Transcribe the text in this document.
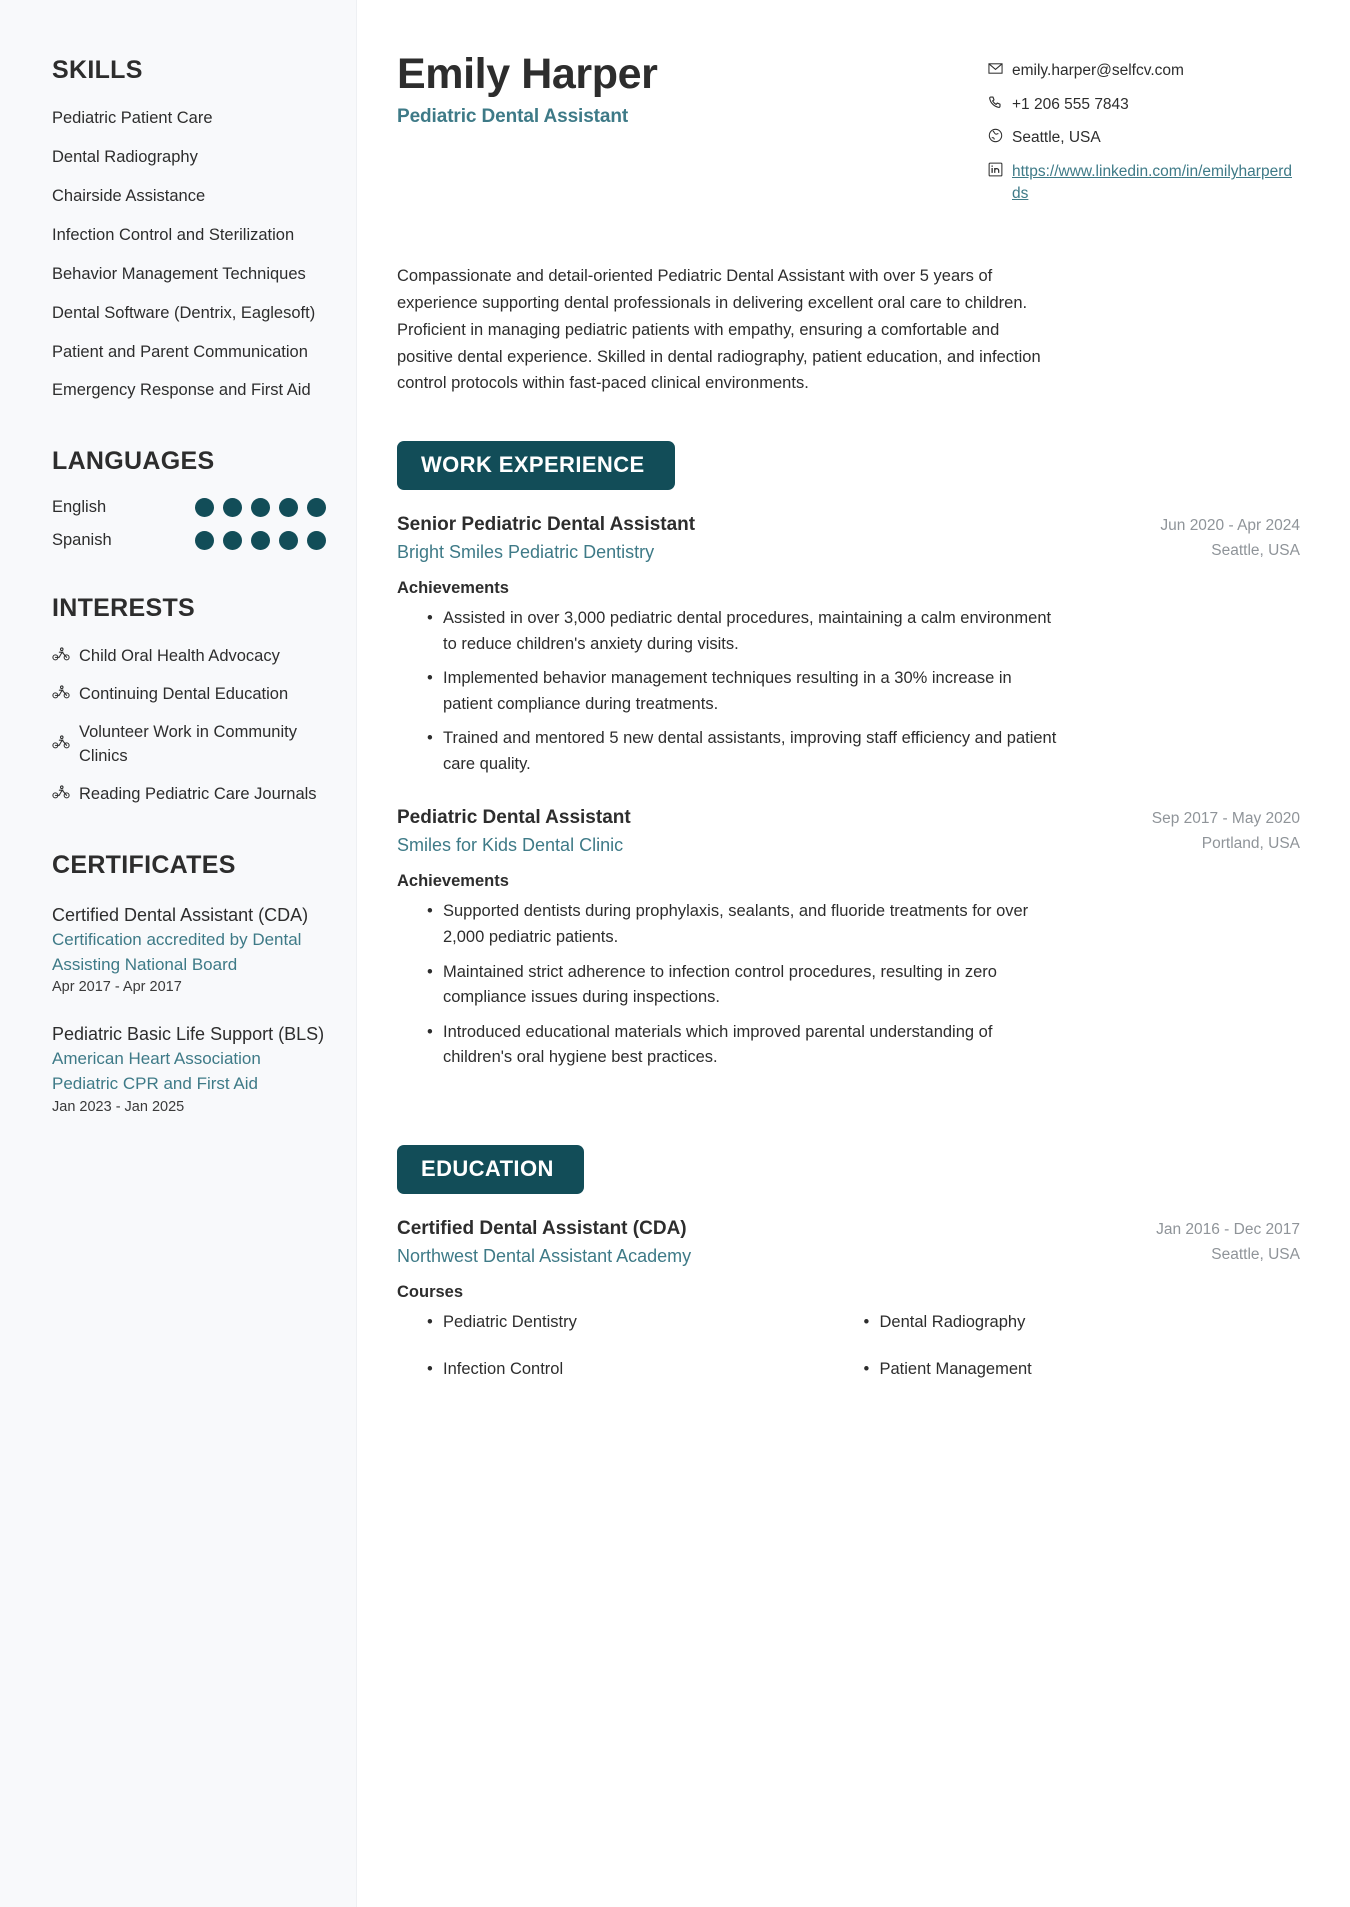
SKILLS
Pediatric Patient Care
Dental Radiography
Chairside Assistance
Infection Control and Sterilization
Behavior Management Techniques
Dental Software (Dentrix, Eaglesoft)
Patient and Parent Communication
Emergency Response and First Aid
LANGUAGES
English
Spanish
INTERESTS
Child Oral Health Advocacy
Continuing Dental Education
Volunteer Work in Community Clinics
Reading Pediatric Care Journals
CERTIFICATES
Certified Dental Assistant (CDA)
Certification accredited by Dental Assisting National Board
Apr 2017 - Apr 2017
Pediatric Basic Life Support (BLS)
American Heart Association Pediatric CPR and First Aid
Jan 2023 - Jan 2025
Emily Harper
Pediatric Dental Assistant
emily.harper@selfcv.com
+1 206 555 7843
Seattle, USA
https://www.linkedin.com/in/emilyharperdds

Compassionate and detail-oriented Pediatric Dental Assistant with over 5 years of experience supporting dental professionals in delivering excellent oral care to children. Proficient in managing pediatric patients with empathy, ensuring a comfortable and positive dental experience. Skilled in dental radiography, patient education, and infection control protocols within fast-paced clinical environments.

WORK EXPERIENCE
Senior Pediatric Dental Assistant
Bright Smiles Pediatric Dentistry
Jun 2020 - Apr 2024
Seattle, USA
Achievements
• Assisted in over 3,000 pediatric dental procedures, maintaining a calm environment to reduce children's anxiety during visits.
• Implemented behavior management techniques resulting in a 30% increase in patient compliance during treatments.
• Trained and mentored 5 new dental assistants, improving staff efficiency and patient care quality.
Pediatric Dental Assistant
Smiles for Kids Dental Clinic
Sep 2017 - May 2020
Portland, USA
Achievements
• Supported dentists during prophylaxis, sealants, and fluoride treatments for over 2,000 pediatric patients.
• Maintained strict adherence to infection control procedures, resulting in zero compliance issues during inspections.
• Introduced educational materials which improved parental understanding of children's oral hygiene best practices.
EDUCATION
Certified Dental Assistant (CDA)
Northwest Dental Assistant Academy
Jan 2016 - Dec 2017
Seattle, USA
Courses
• Pediatric Dentistry	• Dental Radiography
• Infection Control	• Patient Management
